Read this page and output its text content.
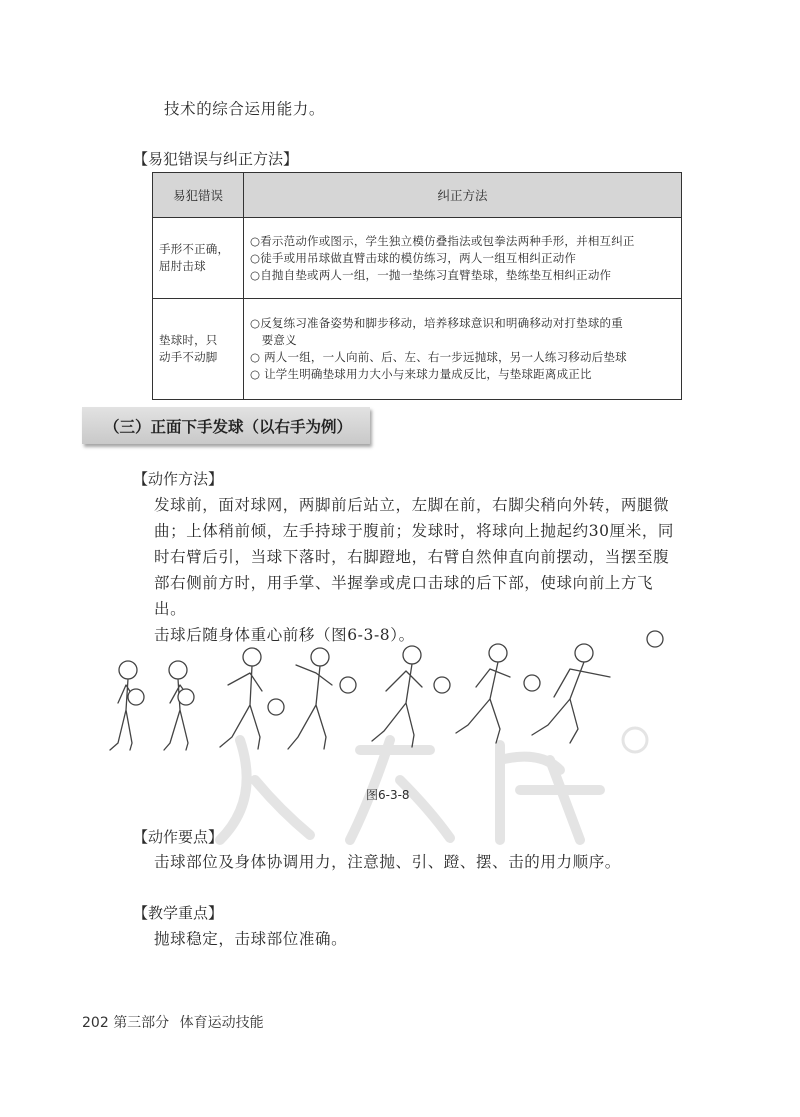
技术的综合运用能力。
【易犯错误与纠正方法】
易犯错误	纠正方法

手形不正确，
屈肘击球	○看示范动作或图示，学生独立模仿叠指法或包拳法两种手形，并相互纠正
○徒手或用吊球做直臂击球的模仿练习，两人一组互相纠正动作
○自抛自垫或两人一组，一抛一垫练习直臂垫球，垫练垫互相纠正动作

垫球时，只
动手不动脚	○反复练习准备姿势和脚步移动，培养移球意识和明确移动对打垫球的重
　要意义
○ 两人一组，一人向前、后、左、右一步远抛球，另一人练习移动后垫球
○ 让学生明确垫球用力大小与来球力量成反比，与垫球距离成正比
（三）正面下手发球（以右手为例）
【动作方法】
发球前，面对球网，两脚前后站立，左脚在前，右脚尖稍向外转，两腿微
曲；上体稍前倾，左手持球于腹前；发球时，将球向上抛起约30厘米，同
时右臂后引，当球下落时，右脚蹬地，右臂自然伸直向前摆动，当摆至腹
部右侧前方时，用手掌、半握拳或虎口击球的后下部，使球向前上方飞出。
击球后随身体重心前移（图6-3-8）。
图6-3-8
【动作要点】
击球部位及身体协调用力，注意抛、引、蹬、摆、击的用力顺序。
【教学重点】
抛球稳定，击球部位准确。
202 第三部分 体育运动技能
